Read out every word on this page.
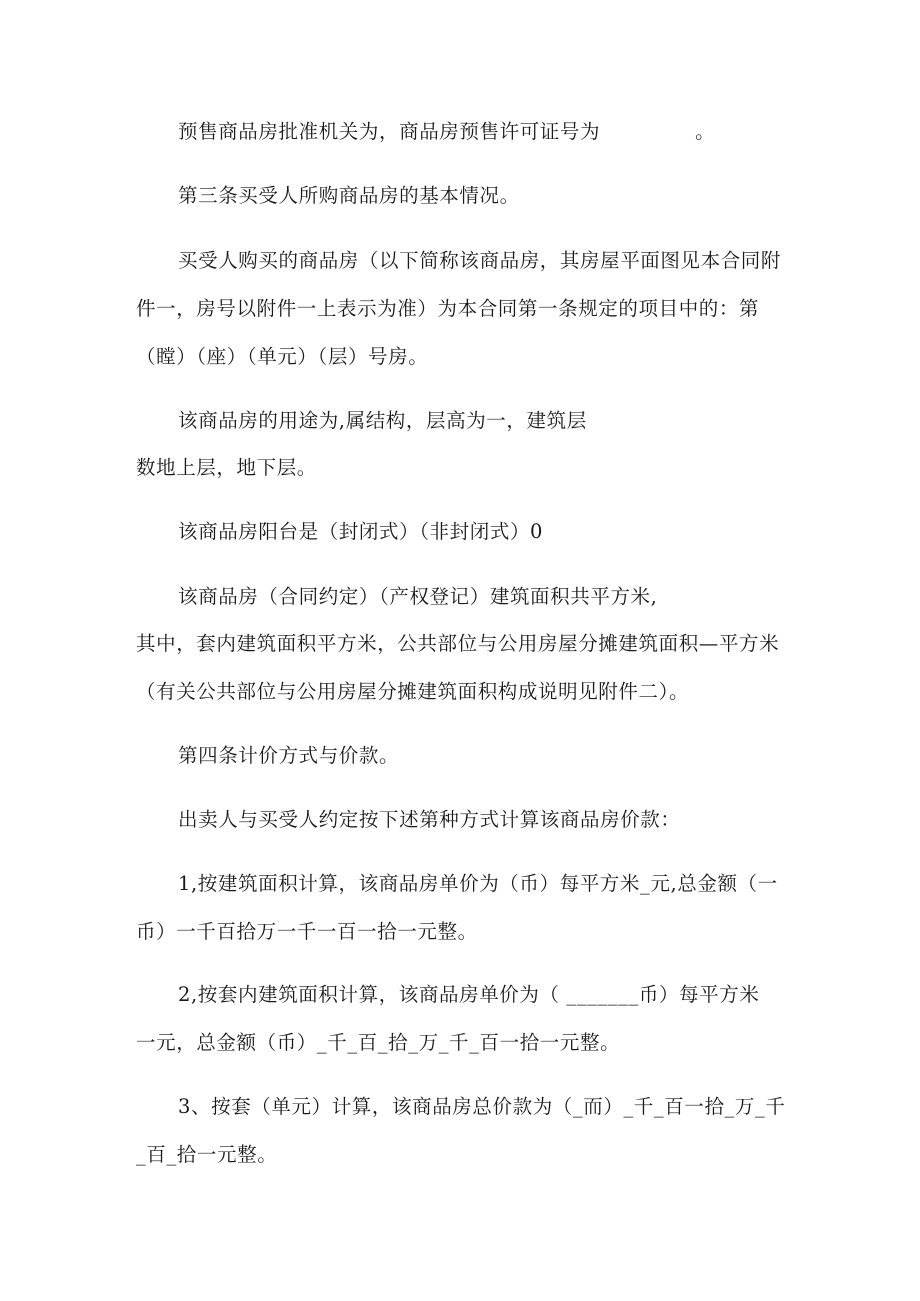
预售商品房批准机关为，商品房预售许可证号为	。
第三条买受人所购商品房的基本情况。
买受人购买的商品房（以下简称该商品房，其房屋平面图见本合同附
件一，房号以附件一上表示为准）为本合同第一条规定的项目中的：第
（瞠）（座）（单元）（层）号房。
该商品房的用途为,属结构，层高为一，建筑层
数地上层，地下层。
该商品房阳台是（封闭式）（非封闭式）0
该商品房（合同约定）（产权登记）建筑面积共平方米,
其中，套内建筑面积平方米，公共部位与公用房屋分摊建筑面积—平方米
（有关公共部位与公用房屋分摊建筑面积构成说明见附件二）。
第四条计价方式与价款。
出卖人与买受人约定按下述第种方式计算该商品房价款：
1,按建筑面积计算，该商品房单价为（币）每平方米_元,总金额（一
币）一千百拾万一千一百一拾一元整。
2,按套内建筑面积计算，该商品房单价为（ _______币）每平方米
一元，总金额（币）_千_百_拾_万_千_百一拾一元整。
3、按套（单元）计算，该商品房总价款为（_而）_千_百一拾_万_千
_百_拾一元整。
